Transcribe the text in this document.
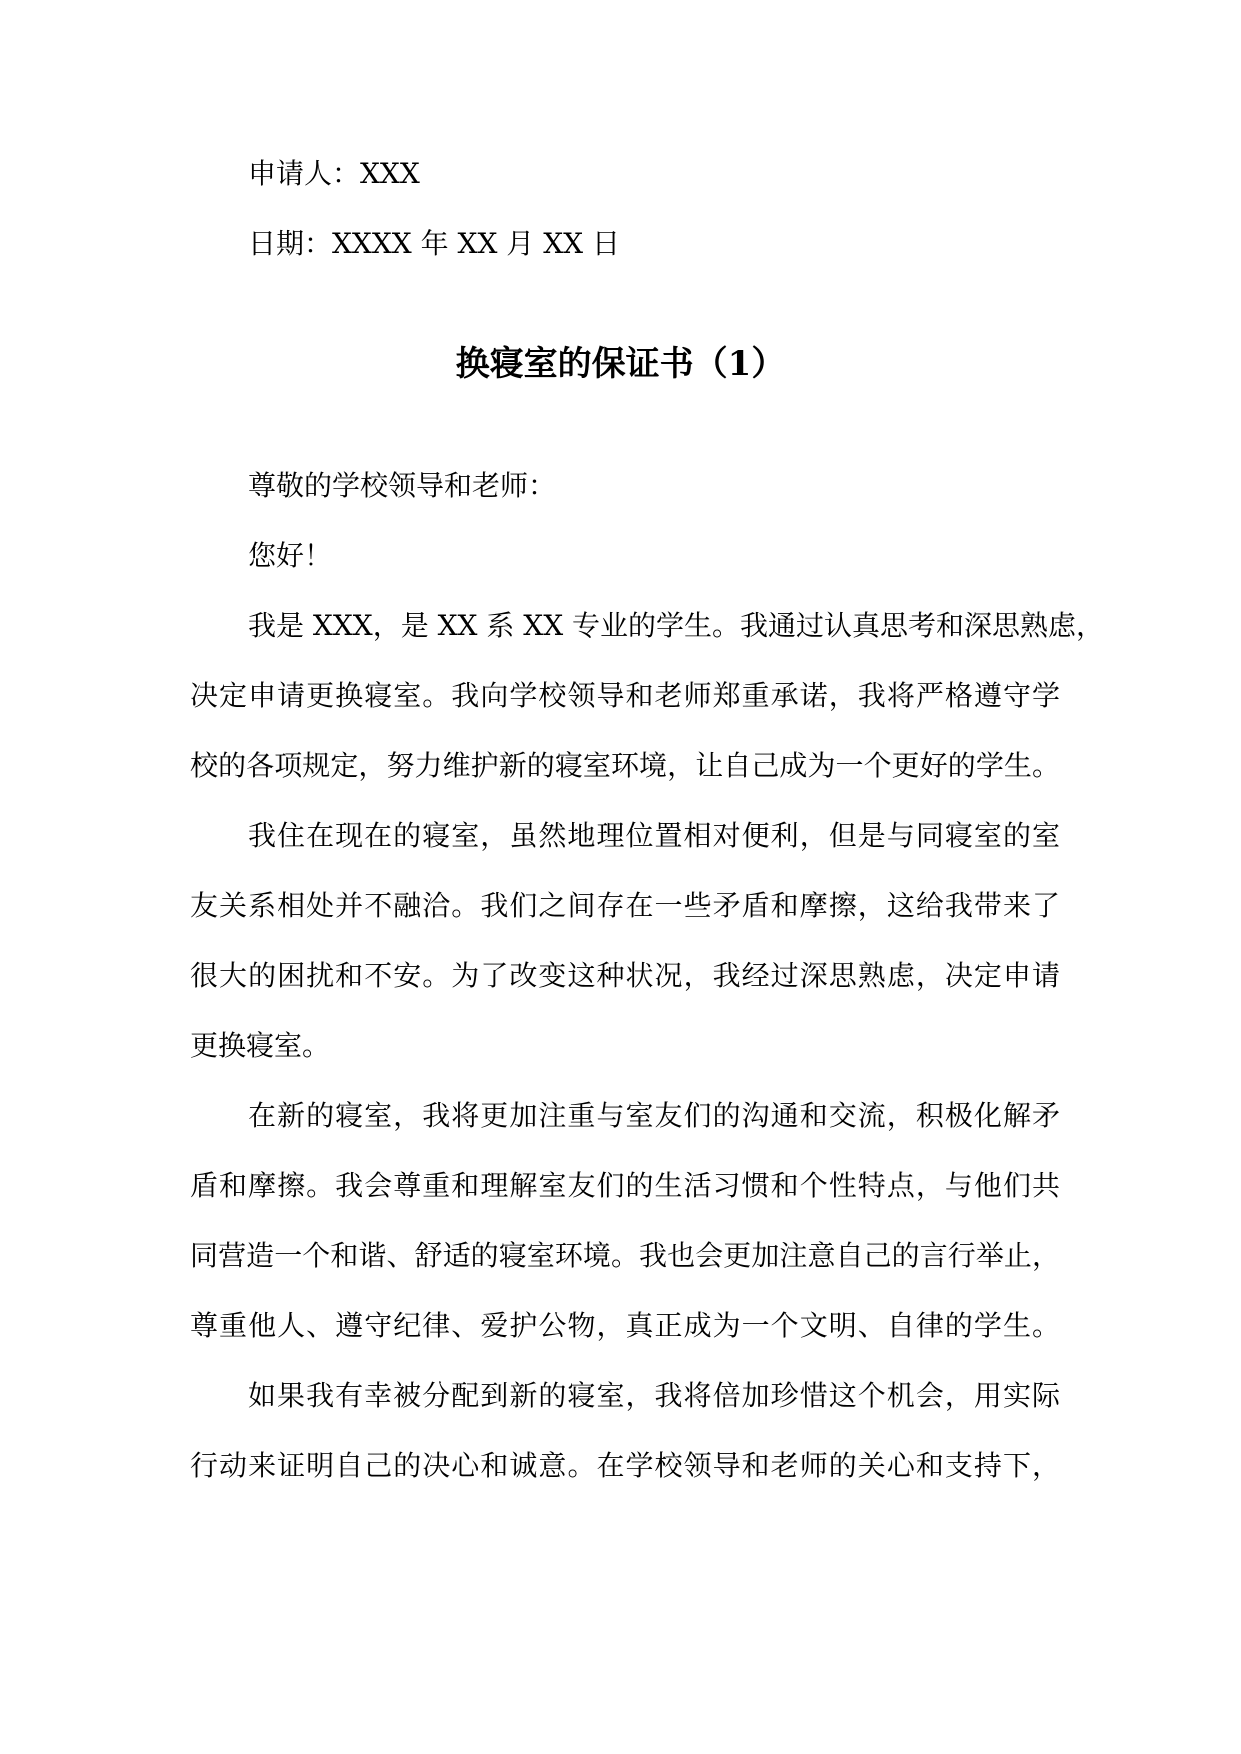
申请人：XXX
日期：XXXX 年 XX 月 XX 日
换寝室的保证书（1）
尊敬的学校领导和老师：
您好！
我是 XXX，是 XX 系 XX 专业的学生。我通过认真思考和深思熟虑，
决定申请更换寝室。我向学校领导和老师郑重承诺，我将严格遵守学
校的各项规定，努力维护新的寝室环境，让自己成为一个更好的学生。
我住在现在的寝室，虽然地理位置相对便利，但是与同寝室的室
友关系相处并不融洽。我们之间存在一些矛盾和摩擦，这给我带来了
很大的困扰和不安。为了改变这种状况，我经过深思熟虑，决定申请
更换寝室。
在新的寝室，我将更加注重与室友们的沟通和交流，积极化解矛
盾和摩擦。我会尊重和理解室友们的生活习惯和个性特点，与他们共
同营造一个和谐、舒适的寝室环境。我也会更加注意自己的言行举止，
尊重他人、遵守纪律、爱护公物，真正成为一个文明、自律的学生。
如果我有幸被分配到新的寝室，我将倍加珍惜这个机会，用实际
行动来证明自己的决心和诚意。在学校领导和老师的关心和支持下，
